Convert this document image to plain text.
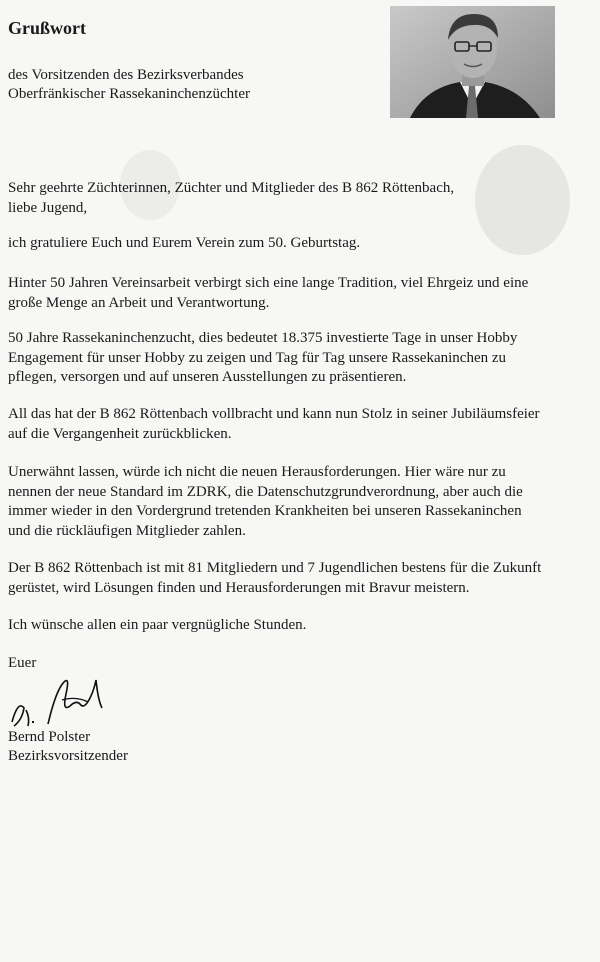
Grußwort
des Vorsitzenden des Bezirksverbandes
Oberfränkischer Rassekaninchenzüchter
Sehr geehrte Züchterinnen, Züchter und Mitglieder des B 862 Röttenbach,
liebe Jugend,
ich gratuliere Euch und Eurem Verein zum 50. Geburtstag.
Hinter 50 Jahren Vereinsarbeit verbirgt sich eine lange Tradition, viel Ehrgeiz und eine
große Menge an Arbeit und Verantwortung.
50 Jahre Rassekaninchenzucht, dies bedeutet 18.375 investierte Tage in unser Hobby
Engagement für unser Hobby zu zeigen und Tag für Tag unsere Rassekaninchen zu
pflegen, versorgen und auf unseren Ausstellungen zu präsentieren.
All das hat der B 862 Röttenbach vollbracht und kann nun Stolz in seiner Jubiläumsfeier
auf die Vergangenheit zurückblicken.
Unerwähnt lassen, würde ich nicht die neuen Herausforderungen. Hier wäre nur zu
nennen der neue Standard im ZDRK, die Datenschutzgrundverordnung, aber auch die
immer wieder in den Vordergrund tretenden Krankheiten bei unseren Rassekaninchen
und die rückläufigen Mitglieder zahlen.
Der B 862 Röttenbach ist mit 81 Mitgliedern und 7 Jugendlichen bestens für die Zukunft
gerüstet, wird Lösungen finden und Herausforderungen mit Bravur meistern.
Ich wünsche allen ein paar vergnügliche Stunden.
Euer
Bernd Polster
Bezirksvorsitzender
